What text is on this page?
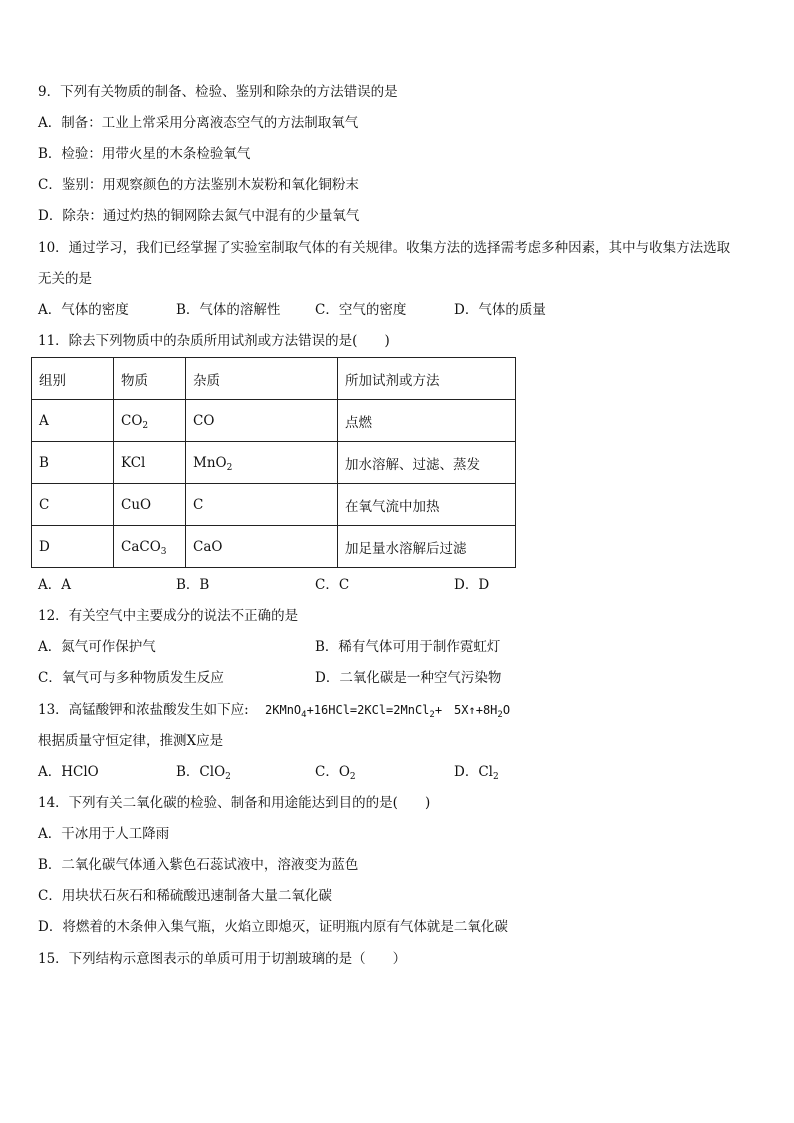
9．下列有关物质的制备、检验、鉴别和除杂的方法错误的是
A．制备：工业上常采用分离液态空气的方法制取氧气
B．检验：用带火星的木条检验氧气
C．鉴别：用观察颜色的方法鉴别木炭粉和氧化铜粉末
D．除杂：通过灼热的铜网除去氮气中混有的少量氧气
10．通过学习，我们已经掌握了实验室制取气体的有关规律。收集方法的选择需考虑多种因素，其中与收集方法选取
无关的是
A．气体的密度	B．气体的溶解性	C．空气的密度	D．气体的质量
11．除去下列物质中的杂质所用试剂或方法错误的是(　　)
组别	物质	杂质	所加试剂或方法
A	$CO_2$	CO	点燃
B	KCl	MnO$_2$	加水溶解、过滤、蒸发
C	CuO	C	在氧气流中加热
D	CaCO$_3$	CaO	加足量水溶解后过滤
A．A	B．B	C．C	D．D
12．有关空气中主要成分的说法不正确的是
A．氮气可作保护气	B．稀有气体可用于制作霓虹灯
C．氧气可与多种物质发生反应	D．二氧化碳是一种空气污染物
13．高锰酸钾和浓盐酸发生如下应: 2KMnO$_4$+16HCl=2KCl=2MnCl$_2$+　$5X↑+8H_2O$
根据质量守恒定律，推测X应是
A．HClO	B．ClO$_2$	C．$O_2$	D．$Cl_2$
14．下列有关二氧化碳的检验、制备和用途能达到目的的是(　　)
A．干冰用于人工降雨
B．二氧化碳气体通入紫色石蕊试液中，溶液变为蓝色
C．用块状石灰石和稀硫酸迅速制备大量二氧化碳
D．将燃着的木条伸入集气瓶，火焰立即熄灭，证明瓶内原有气体就是二氧化碳
15．下列结构示意图表示的单质可用于切割玻璃的是（　　）
